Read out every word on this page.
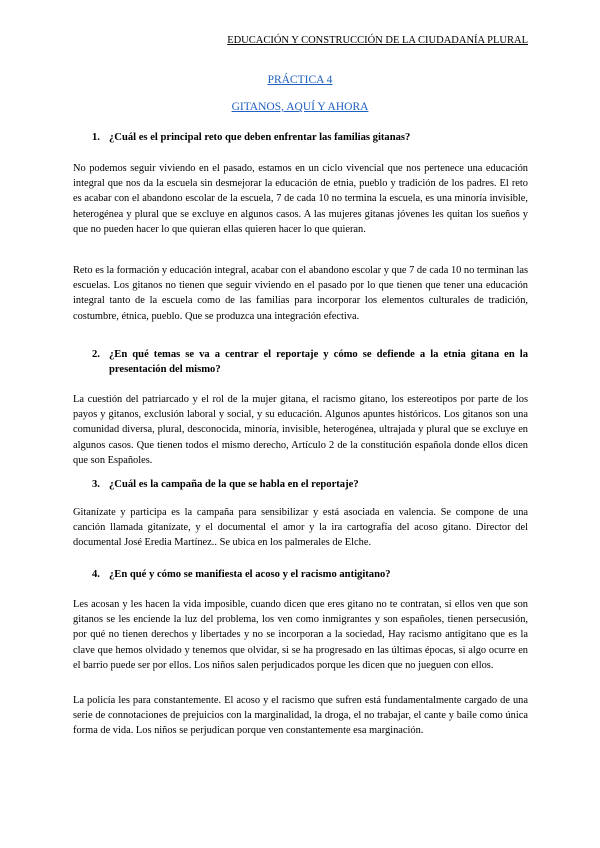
EDUCACIÓN Y CONSTRUCCIÓN DE LA CIUDADANÍA PLURAL
PRÁCTICA 4
GITANOS, AQUÍ Y AHORA
1. ¿Cuál es el principal reto que deben enfrentar las familias gitanas?
No podemos seguir viviendo en el pasado, estamos en un ciclo vivencial que nos pertenece una educación integral que nos da la escuela sin desmejorar la educación de etnia, pueblo y tradición de los padres. El reto es acabar con el abandono escolar de la escuela, 7 de cada 10 no termina la escuela, es una minoría invisible, heterogénea y plural que se excluye en algunos casos. A las mujeres gitanas jóvenes les quitan los sueños y que no pueden hacer lo que quieran ellas quieren hacer lo que quieran.
Reto es la formación y educación integral, acabar con el abandono escolar y que 7 de cada 10 no terminan las escuelas. Los gitanos no tienen que seguir viviendo en el pasado por lo que tienen que tener una educación integral tanto de la escuela como de las familias para incorporar los elementos culturales de tradición, costumbre, étnica, pueblo. Que se produzca una integración efectiva.
2. ¿En qué temas se va a centrar el reportaje y cómo se defiende a la etnia gitana en la presentación del mismo?
La cuestión del patriarcado y el rol de la mujer gitana, el racismo gitano, los estereotipos por parte de los payos y gitanos, exclusión laboral y social, y su educación. Algunos apuntes históricos. Los gitanos son una comunidad diversa, plural, desconocida, minoría, invisible, heterogénea, ultrajada y plural que se excluye en algunos casos. Que tienen todos el mismo derecho, Artículo 2 de la constitución española donde ellos dicen que son Españoles.
3. ¿Cuál es la campaña de la que se habla en el reportaje?
Gitanízate y participa es la campaña para sensibilizar y está asociada en valencia. Se compone de una canción llamada gitanízate, y el documental el amor y la ira cartografía del acoso gitano. Director del documental José Eredia Martínez.. Se ubica en los palmerales de Elche.
4. ¿En qué y cómo se manifiesta el acoso y el racismo antigitano?
Les acosan y les hacen la vida imposible, cuando dicen que eres gitano no te contratan, si ellos ven que son gitanos se les enciende la luz del problema, los ven como inmigrantes y son españoles, tienen persecusión, por qué no tienen derechos y libertades y no se incorporan a la sociedad, Hay racismo antigitano que es la clave que hemos olvidado y tenemos que olvidar, si se ha progresado en las últimas épocas, si algo ocurre en el barrio puede ser por ellos. Los niños salen perjudicados porque les dicen que no jueguen con ellos.
La policía les para constantemente. El acoso y el racismo que sufren está fundamentalmente cargado de una serie de connotaciones de prejuicios con la marginalidad, la droga, el no trabajar, el cante y baile como única forma de vida. Los niños se perjudican porque ven constantemente esa marginación.
